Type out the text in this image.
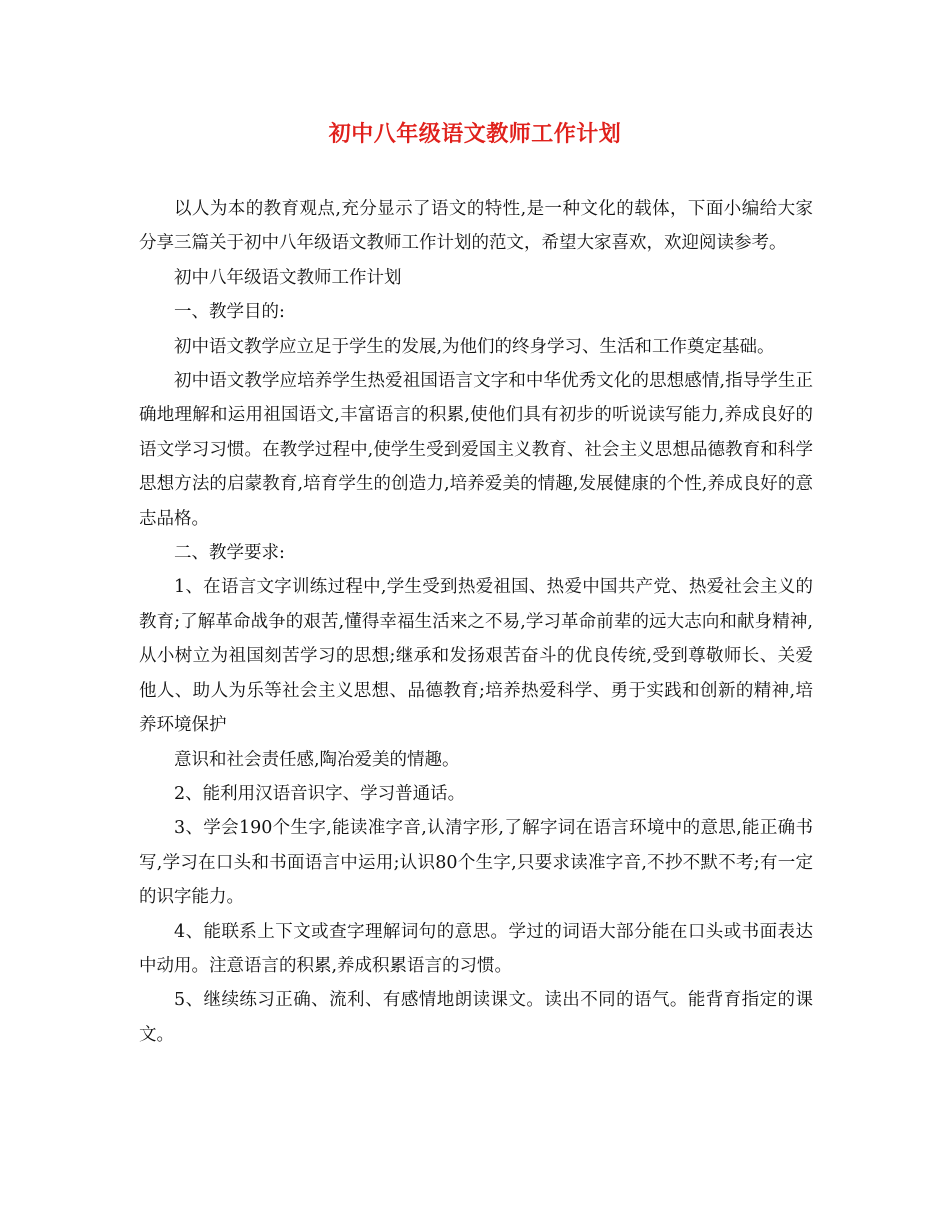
初中八年级语文教师工作计划

以人为本的教育观点,充分显示了语文的特性,是一种文化的载体，下面小编给大家分享三篇关于初中八年级语文教师工作计划的范文，希望大家喜欢，欢迎阅读参考。

初中八年级语文教师工作计划

一、教学目的:

初中语文教学应立足于学生的发展,为他们的终身学习、生活和工作奠定基础。

初中语文教学应培养学生热爱祖国语言文字和中华优秀文化的思想感情,指导学生正确地理解和运用祖国语文,丰富语言的积累,使他们具有初步的听说读写能力,养成良好的语文学习习惯。在教学过程中,使学生受到爱国主义教育、社会主义思想品德教育和科学思想方法的启蒙教育,培育学生的创造力,培养爱美的情趣,发展健康的个性,养成良好的意志品格。

二、教学要求:

1、在语言文字训练过程中,学生受到热爱祖国、热爱中国共产党、热爱社会主义的教育;了解革命战争的艰苦,懂得幸福生活来之不易,学习革命前辈的远大志向和献身精神,从小树立为祖国刻苦学习的思想;继承和发扬艰苦奋斗的优良传统,受到尊敬师长、关爱他人、助人为乐等社会主义思想、品德教育;培养热爱科学、勇于实践和创新的精神,培养环境保护

意识和社会责任感,陶冶爱美的情趣。

2、能利用汉语音识字、学习普通话。

3、学会190个生字,能读准字音,认清字形,了解字词在语言环境中的意思,能正确书写,学习在口头和书面语言中运用;认识80个生字,只要求读准字音,不抄不默不考;有一定的识字能力。

4、能联系上下文或查字理解词句的意思。学过的词语大部分能在口头或书面表达中动用。注意语言的积累,养成积累语言的习惯。

5、继续练习正确、流利、有感情地朗读课文。读出不同的语气。能背育指定的课文。
